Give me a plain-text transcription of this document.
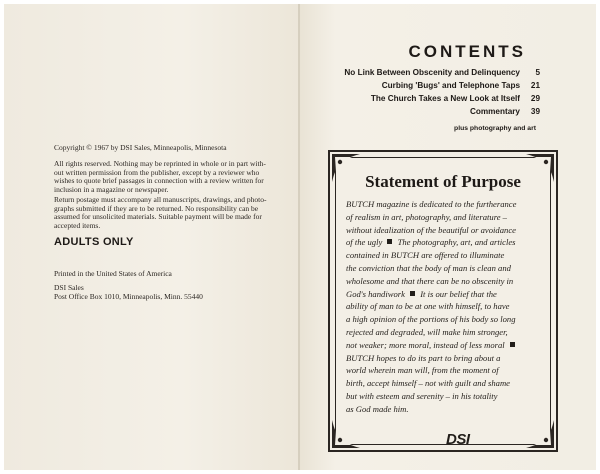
Copyright © 1967 by DSI Sales, Minneapolis, Minnesota
All rights reserved. Nothing may be reprinted in whole or in part with-
out written permission from the publisher, except by a reviewer who
wishes to quote brief passages in connection with a review written for
inclusion in a magazine or newspaper.
Return postage must accompany all manuscripts, drawings, and photo-
graphs submitted if they are to be returned. No responsibility can be
assumed for unsolicited materials. Suitable payment will be made for
accepted items.
ADULTS ONLY
Printed in the United States of America
DSI Sales
Post Office Box 1010, Minneapolis, Minn. 55440
CONTENTS
No Link Between Obscenity and Delinquency	5
Curbing 'Bugs' and Telephone Taps	21
The Church Takes a New Look at Itself	29
Commentary	39
plus photography and art
Statement of Purpose
BUTCH magazine is dedicated to the furtherance
of realism in art, photography, and literature –
without idealization of the beautiful or avoidance
of the ugly  The photography, art, and articles
contained in BUTCH are offered to illuminate
the conviction that the body of man is clean and
wholesome and that there can be no obscenity in
God's handiwork  It is our belief that the
ability of man to be at one with himself, to have
a high opinion of the portions of his body so long
rejected and degraded, will make him stronger,
not weaker; more moral, instead of less moral
BUTCH hopes to do its part to bring about a
world wherein man will, from the moment of
birth, accept himself – not with guilt and shame
but with esteem and serenity – in his totality
as God made him.
DSI
